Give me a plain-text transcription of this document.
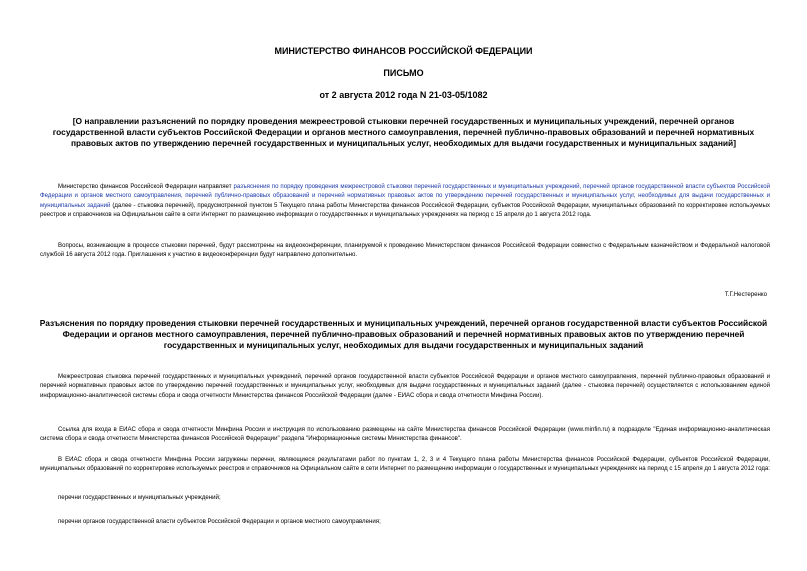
МИНИСТЕРСТВО ФИНАНСОВ РОССИЙСКОЙ ФЕДЕРАЦИИ
ПИСЬМО
от 2 августа 2012 года N 21-03-05/1082
[О направлении разъяснений по порядку проведения межреестровой стыковки перечней государственных и муниципальных учреждений, перечней органов государственной власти субъектов Российской Федерации и органов местного самоуправления, перечней публично-правовых образований и перечней нормативных правовых актов по утверждению перечней государственных и муниципальных услуг, необходимых для выдачи государственных и муниципальных заданий]
Министерство финансов Российской Федерации направляет разъяснения по порядку проведения межреестровой стыковки перечней государственных и муниципальных учреждений, перечней органов государственной власти субъектов Российской Федерации и органов местного самоуправления, перечней публично-правовых образований и перечней нормативных правовых актов по утверждению перечней государственных и муниципальных услуг, необходимых для выдачи государственных и муниципальных заданий (далее - стыковка перечней), предусмотренной пунктом 5 Текущего плана работы Министерства финансов Российской Федерации, субъектов Российской Федерации, муниципальных образований по корректировке используемых реестров и справочников на Официальном сайте в сети Интернет по размещению информации о государственных и муниципальных учреждениях на период с 15 апреля до 1 августа 2012 года.
Вопросы, возникающие в процессе стыковки перечней, будут рассмотрены на видеоконференции, планируемой к проведению Министерством финансов Российской Федерации совместно с Федеральным казначейством и Федеральной налоговой службой 16 августа 2012 года. Приглашения к участию в видеоконференции будут направлено дополнительно.
Т.Г.Нестеренко
Разъяснения по порядку проведения стыковки перечней государственных и муниципальных учреждений, перечней органов государственной власти субъектов Российской Федерации и органов местного самоуправления, перечней публично-правовых образований и перечней нормативных правовых актов по утверждению перечней государственных и муниципальных услуг, необходимых для выдачи государственных и муниципальных заданий
Межреестровая стыковка перечней государственных и муниципальных учреждений, перечней органов государственной власти субъектов Российской Федерации и органов местного самоуправления, перечней публично-правовых образований и перечней нормативных правовых актов по утверждению перечней государственных и муниципальных услуг, необходимых для выдачи государственных и муниципальных заданий (далее - стыковка перечней) осуществляется с использованием единой информационно-аналитической системы сбора и свода отчетности Министерства финансов Российской Федерации (далее - ЕИАС сбора и свода отчетности Минфина России).
Ссылка для входа в ЕИАС сбора и свода отчетности Минфина России и инструкция по использованию размещены на сайте Министерства финансов Российской Федерации (www.minfin.ru) в подразделе "Единая информационно-аналитическая система сбора и свода отчетности Министерства финансов Российской Федерации" раздела "Информационные системы Министерства финансов".
В ЕИАС сбора и свода отчетности Минфина России загружены перечни, являющиеся результатами работ по пунктам 1, 2, 3 и 4 Текущего плана работы Министерства финансов Российской Федерации, субъектов Российской Федерации, муниципальных образований по корректировке используемых реестров и справочников на Официальном сайте в сети Интернет по размещению информации о государственных и муниципальных учреждениях на период с 15 апреля до 1 августа 2012 года:
перечни государственных и муниципальных учреждений;
перечни органов государственной власти субъектов Российской Федерации и органов местного самоуправления;
